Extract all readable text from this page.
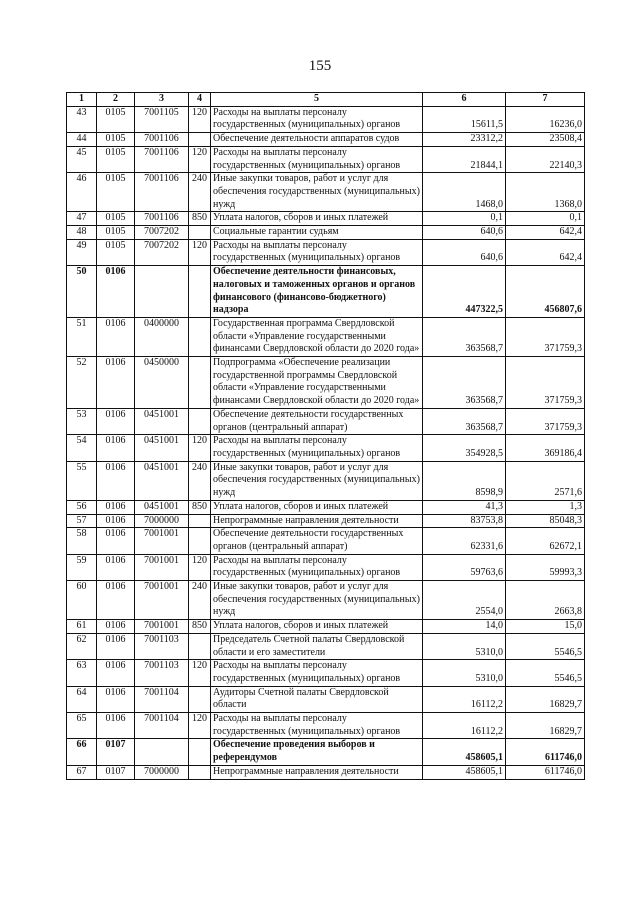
155
1	2	3	4	5	6	7
43	0105	7001105	120	Расходы на выплаты персоналу государственных (муниципальных) органов	15611,5	16236,0
44	0105	7001106		Обеспечение деятельности аппаратов судов	23312,2	23508,4
45	0105	7001106	120	Расходы на выплаты персоналу государственных (муниципальных) органов	21844,1	22140,3
46	0105	7001106	240	Иные закупки товаров, работ и услуг для обеспечения государственных (муниципальных) нужд	1468,0	1368,0
47	0105	7001106	850	Уплата налогов, сборов и иных платежей	0,1	0,1
48	0105	7007202		Социальные гарантии судьям	640,6	642,4
49	0105	7007202	120	Расходы на выплаты персоналу государственных (муниципальных) органов	640,6	642,4
50	0106			Обеспечение деятельности финансовых, налоговых и таможенных органов и органов финансового (финансово-бюджетного) надзора	447322,5	456807,6
51	0106	0400000		Государственная программа Свердловской области «Управление государственными финансами Свердловской области до 2020 года»	363568,7	371759,3
52	0106	0450000		Подпрограмма «Обеспечение реализации государственной программы Свердловской области «Управление государственными финансами Свердловской области до 2020 года»	363568,7	371759,3
53	0106	0451001		Обеспечение деятельности государственных органов (центральный аппарат)	363568,7	371759,3
54	0106	0451001	120	Расходы на выплаты персоналу государственных (муниципальных) органов	354928,5	369186,4
55	0106	0451001	240	Иные закупки товаров, работ и услуг для обеспечения государственных (муниципальных) нужд	8598,9	2571,6
56	0106	0451001	850	Уплата налогов, сборов и иных платежей	41,3	1,3
57	0106	7000000		Непрограммные направления деятельности	83753,8	85048,3
58	0106	7001001		Обеспечение деятельности государственных органов (центральный аппарат)	62331,6	62672,1
59	0106	7001001	120	Расходы на выплаты персоналу государственных (муниципальных) органов	59763,6	59993,3
60	0106	7001001	240	Иные закупки товаров, работ и услуг для обеспечения государственных (муниципальных) нужд	2554,0	2663,8
61	0106	7001001	850	Уплата налогов, сборов и иных платежей	14,0	15,0
62	0106	7001103		Председатель Счетной палаты Свердловской области и его заместители	5310,0	5546,5
63	0106	7001103	120	Расходы на выплаты персоналу государственных (муниципальных) органов	5310,0	5546,5
64	0106	7001104		Аудиторы Счетной палаты Свердловской области	16112,2	16829,7
65	0106	7001104	120	Расходы на выплаты персоналу государственных (муниципальных) органов	16112,2	16829,7
66	0107			Обеспечение проведения выборов и референдумов	458605,1	611746,0
67	0107	7000000		Непрограммные направления деятельности	458605,1	611746,0
